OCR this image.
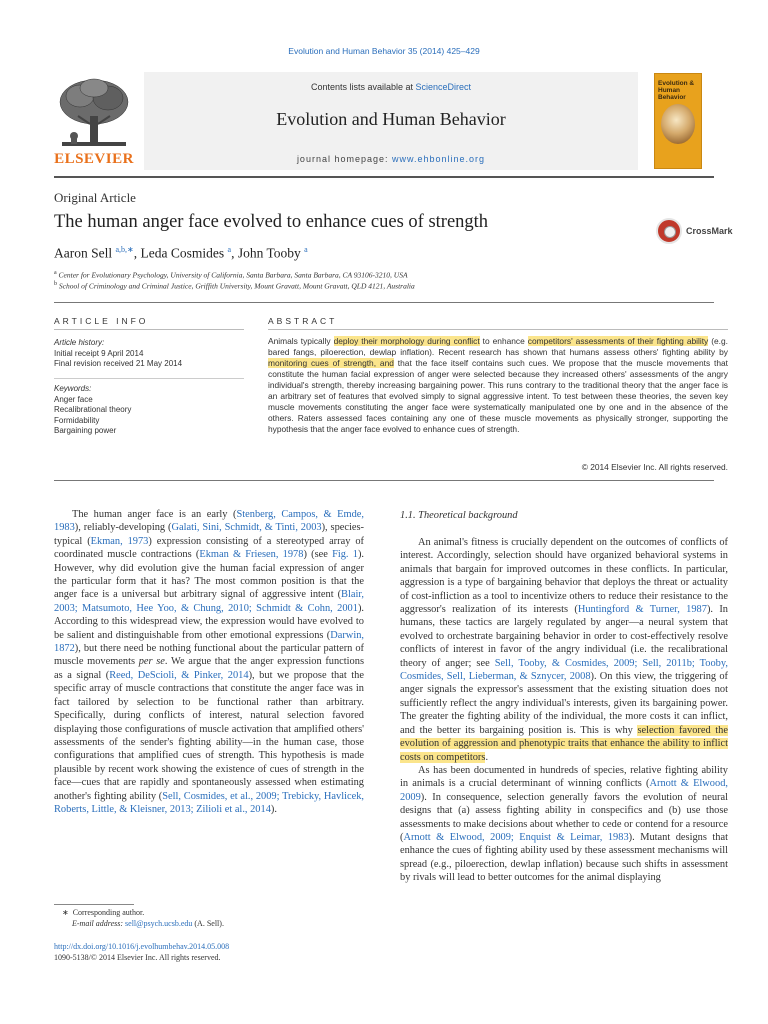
Evolution and Human Behavior 35 (2014) 425–429
Contents lists available at ScienceDirect
Evolution and Human Behavior
journal homepage: www.ehbonline.org
ELSEVIER
Evolution & Human Behavior
Original Article
The human anger face evolved to enhance cues of strength	CrossMark
Aaron Sell $^{a,b,∗}$, Leda Cosmides $^a$, John Tooby $^a$
$^a$ Center for Evolutionary Psychology, University of California, Santa Barbara, Santa Barbara, CA 93106-3210, USA
$^b$ School of Criminology and Criminal Justice, Griffith University, Mount Gravatt, Mount Gravatt, QLD 4121, Australia
ARTICLE INFO
Article history:
Initial receipt 9 April 2014
Final revision received 21 May 2014
Keywords:
Anger face
Recalibrational theory
Formidability
Bargaining power
ABSTRACT
Animals typically deploy their morphology during conflict to enhance competitors' assessments of their fighting ability (e.g. bared fangs, piloerection, dewlap inflation). Recent research has shown that humans assess others' fighting ability by monitoring cues of strength, and that the face itself contains such cues. We propose that the muscle movements that constitute the human facial expression of anger were selected because they increased others' assessments of the angry individual's strength, thereby increasing bargaining power. This runs contrary to the traditional theory that the anger face is an arbitrary set of features that evolved simply to signal aggressive intent. To test between these theories, the seven key muscle movements constituting the anger face were systematically manipulated one by one and in the absence of the others. Raters assessed faces containing any one of these muscle movements as physically stronger, supporting the hypothesis that the anger face evolved to enhance cues of strength.
© 2014 Elsevier Inc. All rights reserved.

The human anger face is an early (Stenberg, Campos, & Emde, 1983), reliably-developing (Galati, Sini, Schmidt, & Tinti, 2003), species-typical (Ekman, 1973) expression consisting of a stereotyped array of coordinated muscle contractions (Ekman & Friesen, 1978) (see Fig. 1). However, why did evolution give the human facial expression of anger the particular form that it has? The most common position is that the anger face is a universal but arbitrary signal of aggressive intent (Blair, 2003; Matsumoto, Hee Yoo, & Chung, 2010; Schmidt & Cohn, 2001). According to this widespread view, the expression would have evolved to be salient and distinguishable from other emotional expressions (Darwin, 1872), but there need be nothing functional about the particular pattern of muscle movements per se. We argue that the anger expression functions as a signal (Reed, DeScioli, & Pinker, 2014), but we propose that the specific array of muscle contractions that constitute the anger face was in fact tailored by selection to be functional rather than arbitrary. Specifically, during conflicts of interest, natural selection favored displaying those configurations of muscle activation that amplified others' assessments of the sender's fighting ability—in the human case, those configurations that amplified cues of strength. This hypothesis is made plausible by recent work showing the existence of cues of strength in the face—cues that are rapidly and spontaneously assessed when estimating another's fighting ability (Sell, Cosmides, et al., 2009; Trebicky, Havlicek, Roberts, Little, & Kleisner, 2013; Zilioli et al., 2014).

1.1. Theoretical background

An animal's fitness is crucially dependent on the outcomes of conflicts of interest. Accordingly, selection should have organized behavioral systems in animals that bargain for improved outcomes in these conflicts. In particular, aggression is a type of bargaining behavior that deploys the threat or actuality of cost-infliction as a tool to incentivize others to reduce their resistance to the aggressor's realization of its interests (Huntingford & Turner, 1987). In humans, these tactics are largely regulated by anger—a neural system that evolved to orchestrate bargaining behavior in order to cost-effectively resolve conflicts of interest in favor of the angry individual (i.e. the recalibrational theory of anger; see Sell, Tooby, & Cosmides, 2009; Sell, 2011b; Tooby, Cosmides, Sell, Lieberman, & Sznycer, 2008). On this view, the triggering of anger signals the expressor's assessment that the existing situation does not sufficiently reflect the angry individual's interests, given its bargaining power. The greater the fighting ability of the individual, the more costs it can inflict, and the better its bargaining position is. This is why selection favored the evolution of aggression and phenotypic traits that enhance the ability to inflict costs on competitors.

As has been documented in hundreds of species, relative fighting ability in animals is a crucial determinant of winning conflicts (Arnott & Elwood, 2009). In consequence, selection generally favors the evolution of neural designs that (a) assess fighting ability in conspecifics and (b) use those assessments to make decisions about whether to cede or contend for a resource (Arnott & Elwood, 2009; Enquist & Leimar, 1983). Mutant designs that enhance the cues of fighting ability used by these assessment mechanisms will spread (e.g., piloerection, dewlap inflation) because such shifts in assessment by rivals will lead to better outcomes for the animal displaying

∗ Corresponding author.
E-mail address: sell@psych.ucsb.edu (A. Sell).
http://dx.doi.org/10.1016/j.evolhumbehav.2014.05.008
1090-5138/© 2014 Elsevier Inc. All rights reserved.
